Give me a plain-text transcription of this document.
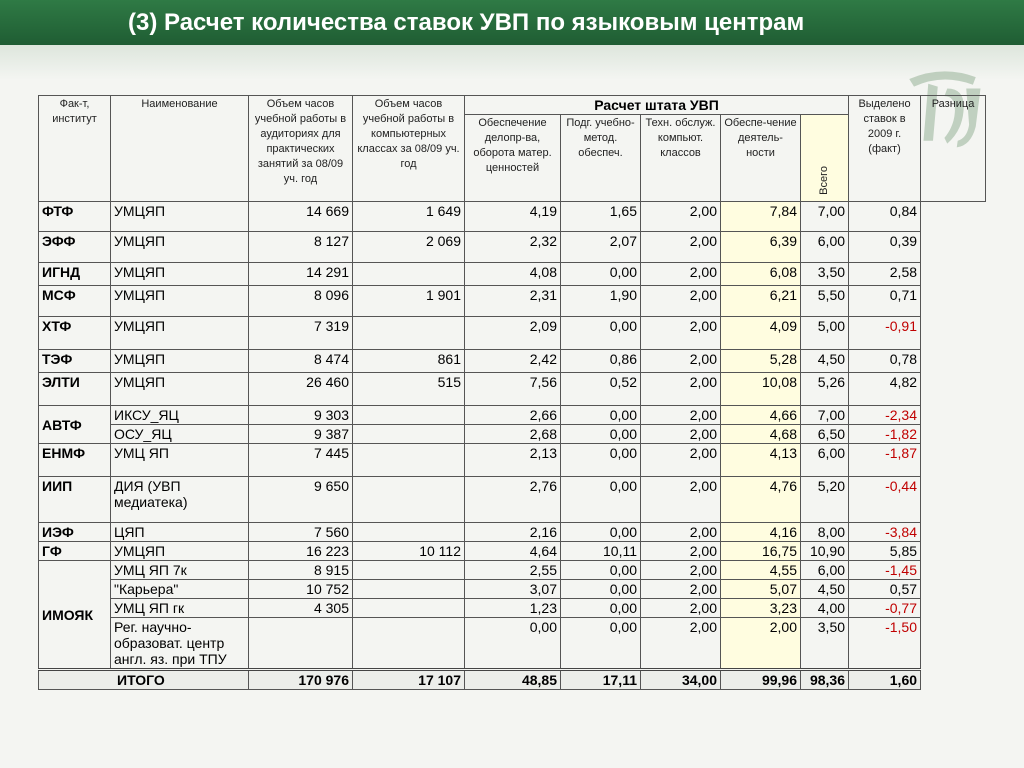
(3) Расчет количества ставок УВП по языковым центрам
Фак-т, институт	Наименование	Объем часов учебной работы в аудиториях для практических занятий за 08/09 уч. год	Объем часов учебной работы в компьютерных классах за 08/09 уч. год	Расчет штата УВП					Выделено ставок в 2009 г. (факт)	Разница
				Обеспечение делопр-ва, оборота матер. ценностей	Подг. учебно-метод. обеспеч.	Техн. обслуж. компьют. классов	Обеспе-чение деятель-ности	Всего		
ФТФ	УМЦЯП	14 669	1 649	4,19	1,65	2,00	7,84	7,00	0,84	
ЭФФ	УМЦЯП	8 127	2 069	2,32	2,07	2,00	6,39	6,00	0,39	
ИГНД	УМЦЯП	14 291		4,08	0,00	2,00	6,08	3,50	2,58	
МСФ	УМЦЯП	8 096	1 901	2,31	1,90	2,00	6,21	5,50	0,71	
ХТФ	УМЦЯП	7 319		2,09	0,00	2,00	4,09	5,00	-0,91	
ТЭФ	УМЦЯП	8 474	861	2,42	0,86	2,00	5,28	4,50	0,78	
ЭЛТИ	УМЦЯП	26 460	515	7,56	0,52	2,00	10,08	5,26	4,82	
АВТФ	ИКСУ_ЯЦ	9 303		2,66	0,00	2,00	4,66	7,00	-2,34	
	ОСУ_ЯЦ	9 387		2,68	0,00	2,00	4,68	6,50	-1,82	
ЕНМФ	УМЦ ЯП	7 445		2,13	0,00	2,00	4,13	6,00	-1,87	
ИИП	ДИЯ (УВП медиатека)	9 650		2,76	0,00	2,00	4,76	5,20	-0,44	
ИЭФ	ЦЯП	7 560		2,16	0,00	2,00	4,16	8,00	-3,84	
ГФ	УМЦЯП	16 223	10 112	4,64	10,11	2,00	16,75	10,90	5,85	
ИМОЯК	УМЦ ЯП 7к	8 915		2,55	0,00	2,00	4,55	6,00	-1,45	
	"Карьера"	10 752		3,07	0,00	2,00	5,07	4,50	0,57	
	УМЦ ЯП гк	4 305		1,23	0,00	2,00	3,23	4,00	-0,77	
	Рег. научно-образоват. центр англ. яз. при ТПУ			0,00	0,00	2,00	2,00	3,50	-1,50	
ИТОГО		170 976	17 107	48,85	17,11	34,00	99,96	98,36	1,60	
